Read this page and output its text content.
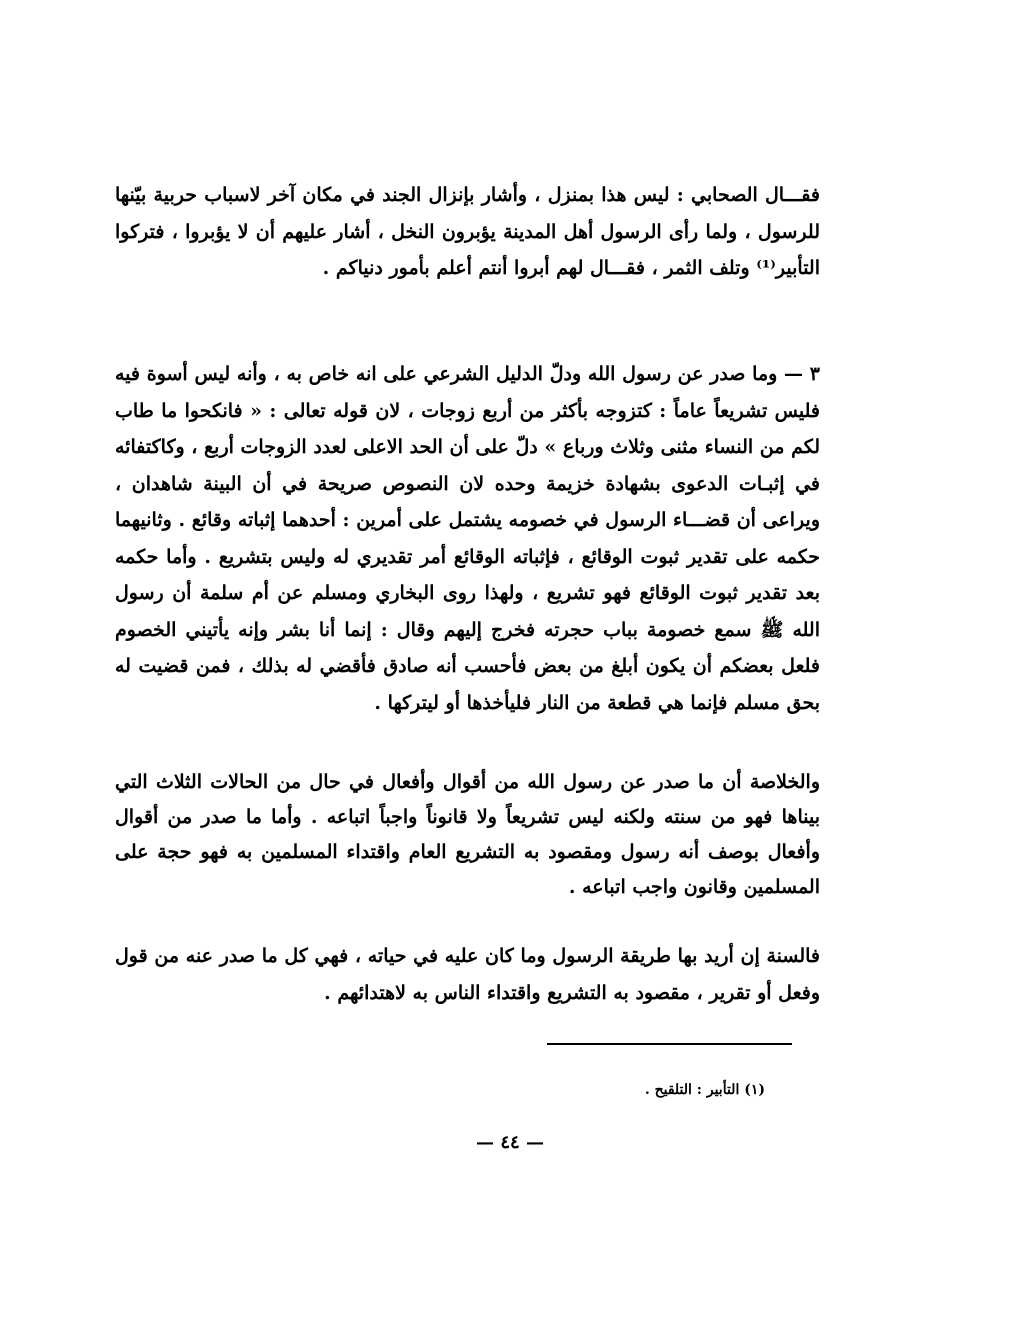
فقـــال الصحابي : ليس هذا بمنزل ، وأشار بإنزال الجند في مكان آخر لاسباب حربية بيّنها للرسول ، ولما رأى الرسول أهل المدينة يؤبرون النخل ، أشار عليهم أن لا يؤبروا ، فتركوا التأبير⁽¹⁾ وتلف الثمر ، فقـــال لهم أبروا أنتم أعلم بأمور دنياكم .

٣ — وما صدر عن رسول الله ودلّ الدليل الشرعي على انه خاص به ، وأنه ليس أسوة فيه فليس تشريعاً عاماً : كتزوجه بأكثر من أربع زوجات ، لان قوله تعالى : « فانكحوا ما طاب لكم من النساء مثنى وثلاث ورباع » دلّ على أن الحد الاعلى لعدد الزوجات أربع ، وكاكتفائه في إثبـات الدعوى بشهادة خزيمة وحده لان النصوص صريحة في أن البينة شاهدان ، ويراعى أن قضـــاء الرسول في خصومه يشتمل على أمرين : أحدهما إثباته وقائع . وثانيهما حكمه على تقدير ثبوت الوقائع ، فإثباته الوقائع أمر تقديري له وليس بتشريع . وأما حكمه بعد تقدير ثبوت الوقائع فهو تشريع ، ولهذا روى البخاري ومسلم عن أم سلمة أن رسول الله ﷺ سمع خصومة بباب حجرته فخرج إليهم وقال : إنما أنا بشر وإنه يأتيني الخصوم فلعل بعضكم أن يكون أبلغ من بعض فأحسب أنه صادق فأقضي له بذلك ، فمن قضيت له بحق مسلم فإنما هي قطعة من النار فليأخذها أو ليتركها .

والخلاصة أن ما صدر عن رسول الله من أقوال وأفعال في حال من الحالات الثلاث التي بيناها فهو من سنته ولكنه ليس تشريعاً ولا قانوناً واجباً اتباعه . وأما ما صدر من أقوال وأفعال بوصف أنه رسول ومقصود به التشريع العام واقتداء المسلمين به فهو حجة على المسلمين وقانون واجب اتباعه .

فالسنة إن أريد بها طريقة الرسول وما كان عليه في حياته ، فهي كل ما صدر عنه من قول وفعل أو تقرير ، مقصود به التشريع واقتداء الناس به لاهتدائهم .

(١) التأبير : التلقيح .
— ٤٤ —
